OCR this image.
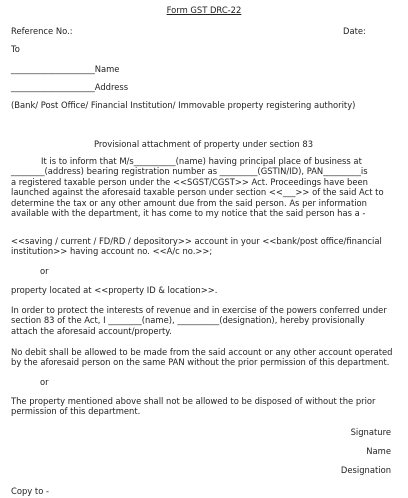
Form GST DRC-22
Reference No.:	Date:
To
____________________Name
____________________Address
(Bank/ Post Office/ Financial Institution/ Immovable property registering authority)
Provisional attachment of property under section 83

It is to inform that M/s__________(name) having principal place of business at
________(address) bearing registration number as _________(GSTIN/ID), PAN_________is
a registered taxable person under the <<SGST/CGST>> Act. Proceedings have been
launched against the aforesaid taxable person under section <<___>> of the said Act to
determine the tax or any other amount due from the said person. As per information
available with the department, it has come to my notice that the said person has a -

<<saving / current / FD/RD / depository>> account in your <<bank/post office/financial
institution>> having account no. <<A/c no.>>;

or
property located at <<property ID & location>>.

In order to protect the interests of revenue and in exercise of the powers conferred under
section 83 of the Act, I ________(name), __________(designation), hereby provisionally
attach the aforesaid account/property.

No debit shall be allowed to be made from the said account or any other account operated
by the aforesaid person on the same PAN without the prior permission of this department.

or

The property mentioned above shall not be allowed to be disposed of without the prior
permission of this department.

Signature
Name
Designation
Copy to -
